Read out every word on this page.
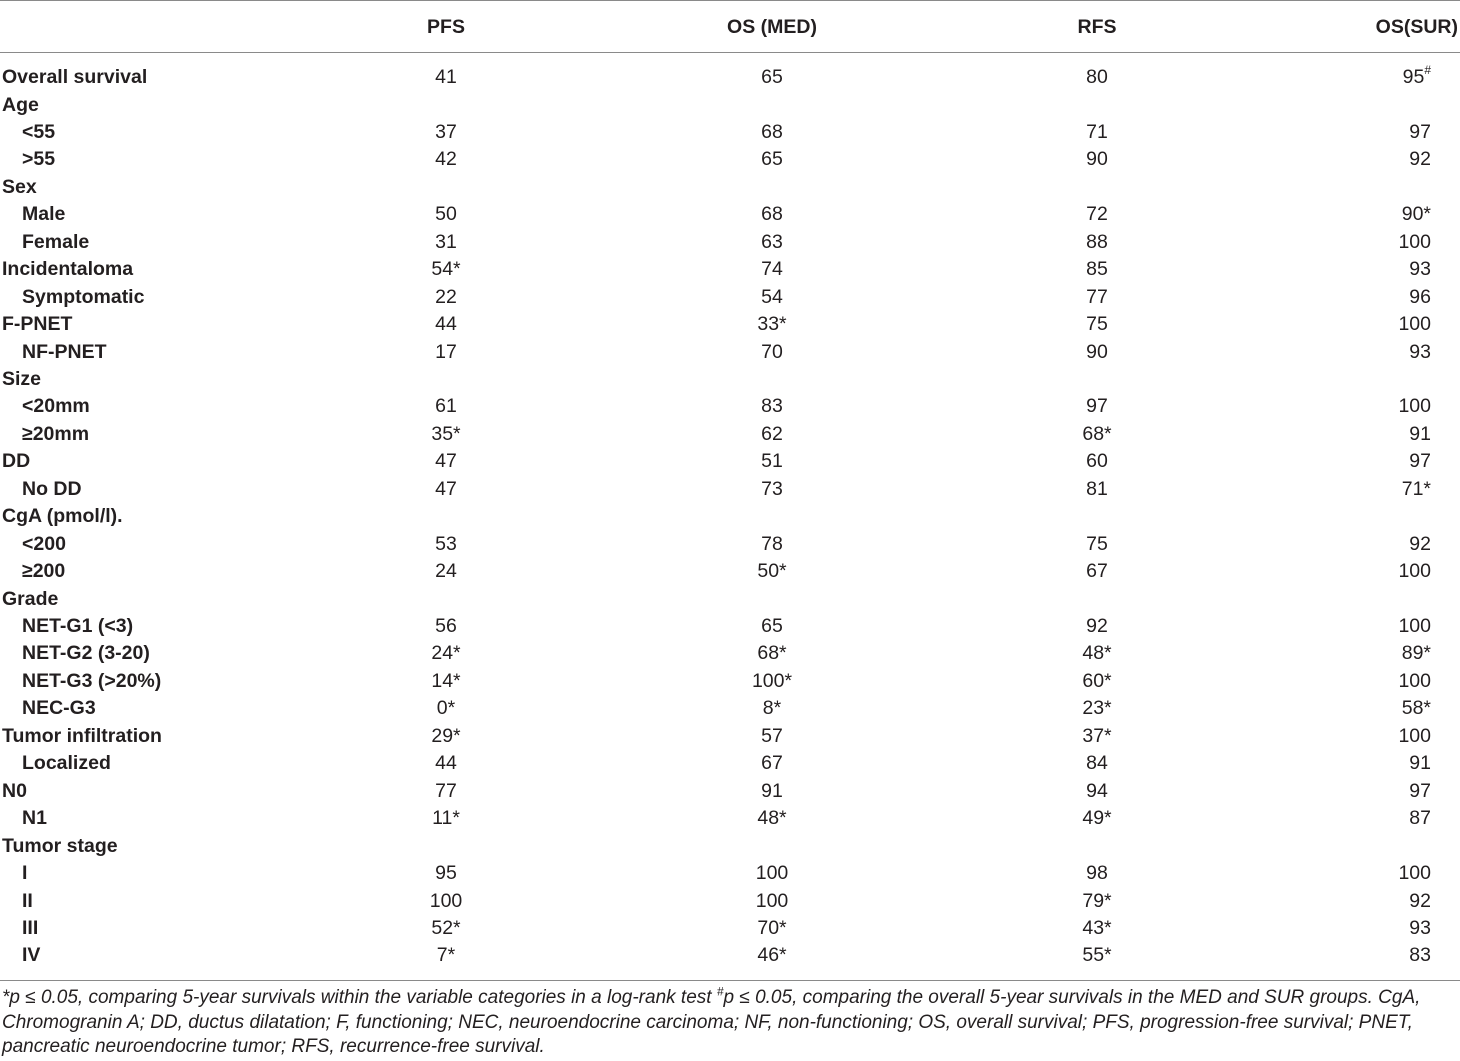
PFS	OS (MED)	RFS	OS(SUR)
Overall survival	41	65	80	95#
Age
<55	37	68	71	97
>55	42	65	90	92
Sex
Male	50	68	72	90*
Female	31	63	88	100
Incidentaloma	54*	74	85	93
Symptomatic	22	54	77	96
F-PNET	44	33*	75	100
NF-PNET	17	70	90	93
Size
<20mm	61	83	97	100
≥20mm	35*	62	68*	91
DD	47	51	60	97
No DD	47	73	81	71*
CgA (pmol/l).
<200	53	78	75	92
≥200	24	50*	67	100
Grade
NET-G1 (<3)	56	65	92	100
NET-G2 (3-20)	24*	68*	48*	89*
NET-G3 (>20%)	14*	100*	60*	100
NEC-G3	0*	8*	23*	58*
Tumor infiltration	29*	57	37*	100
Localized	44	67	84	91
N0	77	91	94	97
N1	11*	48*	49*	87
Tumor stage
I	95	100	98	100
II	100	100	79*	92
III	52*	70*	43*	93
IV	7*	46*	55*	83
*p ≤ 0.05, comparing 5-year survivals within the variable categories in a log-rank test #p ≤ 0.05, comparing the overall 5-year survivals in the MED and SUR groups. CgA, Chromogranin A; DD, ductus dilatation; F, functioning; NEC, neuroendocrine carcinoma; NF, non-functioning; OS, overall survival; PFS, progression-free survival; PNET, pancreatic neuroendocrine tumor; RFS, recurrence-free survival.
